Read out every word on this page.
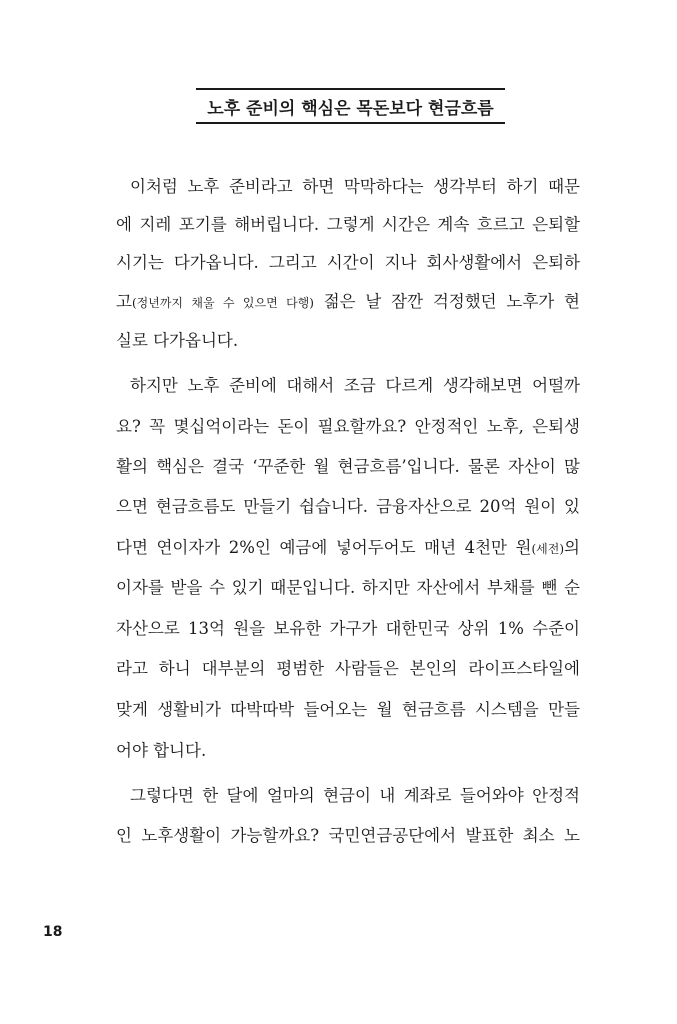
노후 준비의 핵심은 목돈보다 현금흐름
이처럼 노후 준비라고 하면 막막하다는 생각부터 하기 때문
에 지레 포기를 해버립니다. 그렇게 시간은 계속 흐르고 은퇴할
시기는 다가옵니다. 그리고 시간이 지나 회사생활에서 은퇴하
고(정년까지 채울 수 있으면 다행) 젊은 날 잠깐 걱정했던 노후가 현
실로 다가옵니다.
하지만 노후 준비에 대해서 조금 다르게 생각해보면 어떨까
요? 꼭 몇십억이라는 돈이 필요할까요? 안정적인 노후, 은퇴생
활의 핵심은 결국 ‘꾸준한 월 현금흐름’입니다. 물론 자산이 많
으면 현금흐름도 만들기 쉽습니다. 금융자산으로 20억 원이 있
다면 연이자가 2%인 예금에 넣어두어도 매년 4천만 원(세전)의
이자를 받을 수 있기 때문입니다. 하지만 자산에서 부채를 뺀 순
자산으로 13억 원을 보유한 가구가 대한민국 상위 1% 수준이
라고 하니 대부분의 평범한 사람들은 본인의 라이프스타일에
맞게 생활비가 따박따박 들어오는 월 현금흐름 시스템을 만들
어야 합니다.
그렇다면 한 달에 얼마의 현금이 내 계좌로 들어와야 안정적
인 노후생활이 가능할까요? 국민연금공단에서 발표한 최소 노
18
